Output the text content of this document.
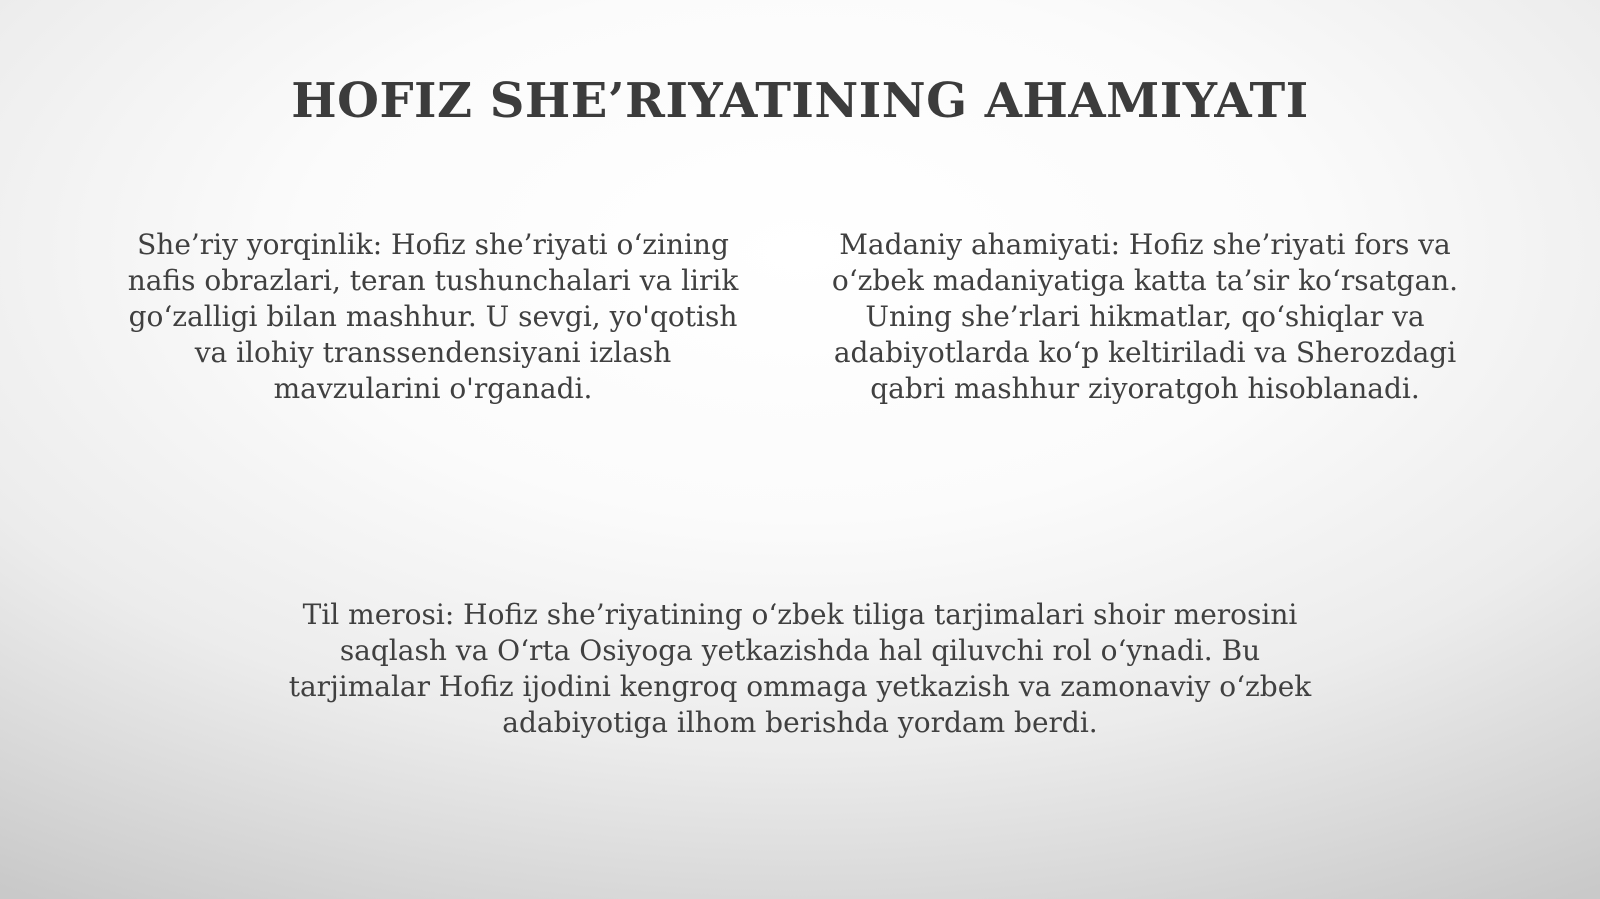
HOFIZ SHE’RIYATINING AHAMIYATI

She’riy yorqinlik: Hofiz she’riyati o‘zining nafis obrazlari, teran tushunchalari va lirik go‘zalligi bilan mashhur. U sevgi, yo'qotish va ilohiy transsendensiyani izlash mavzularini o'rganadi.

Madaniy ahamiyati: Hofiz she’riyati fors va o‘zbek madaniyatiga katta ta’sir ko‘rsatgan. Uning she’rlari hikmatlar, qo‘shiqlar va adabiyotlarda ko‘p keltiriladi va Sherozdagi qabri mashhur ziyoratgoh hisoblanadi.

Til merosi: Hofiz she’riyatining o‘zbek tiliga tarjimalari shoir merosini saqlash va O‘rta Osiyoga yetkazishda hal qiluvchi rol o‘ynadi. Bu tarjimalar Hofiz ijodini kengroq ommaga yetkazish va zamonaviy o‘zbek adabiyotiga ilhom berishda yordam berdi.
